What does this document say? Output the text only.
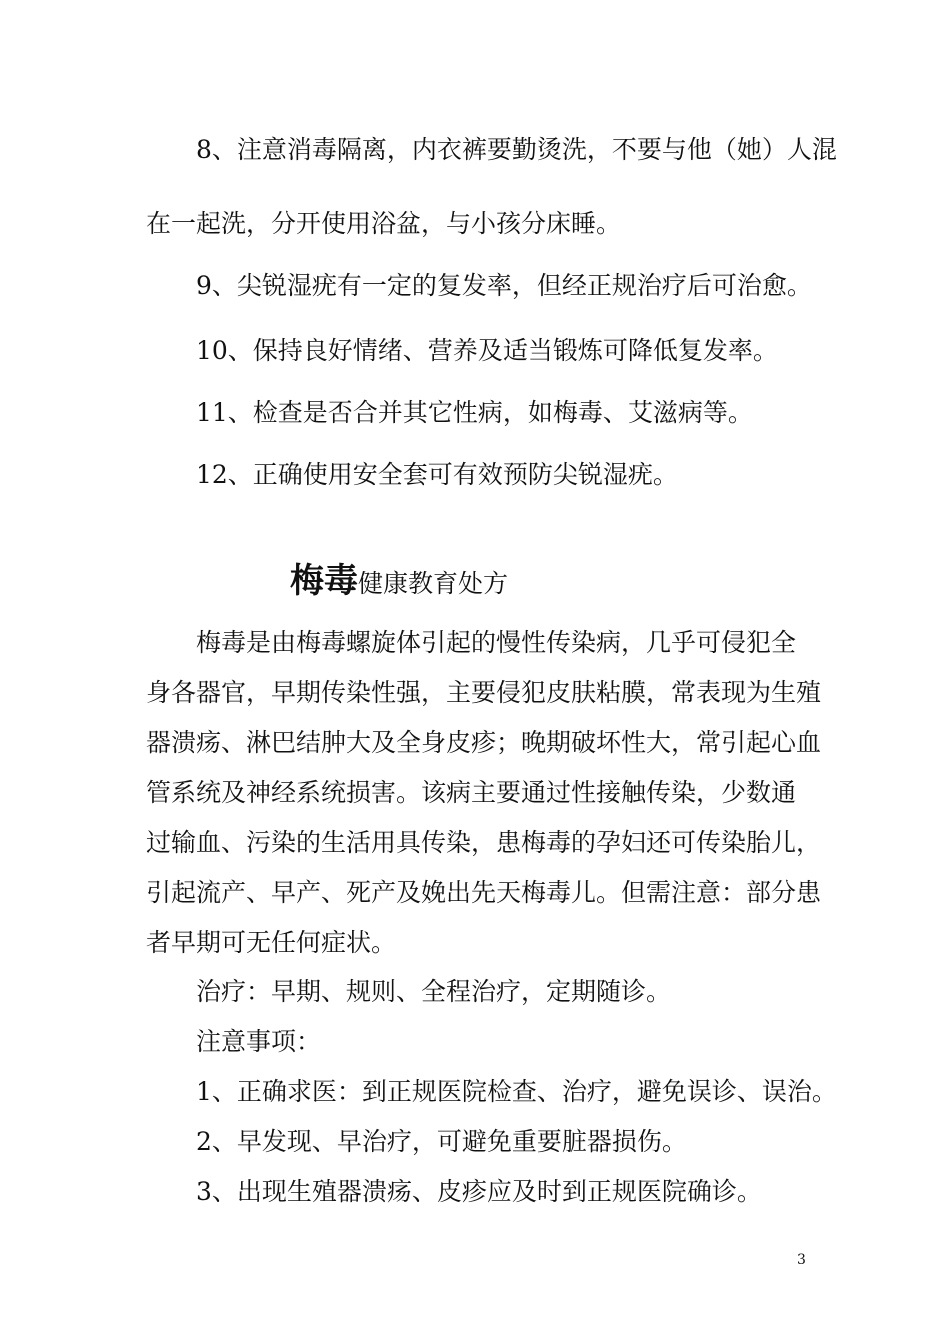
8、注意消毒隔离，内衣裤要勤烫洗，不要与他（她）人混
在一起洗，分开使用浴盆，与小孩分床睡。
9、尖锐湿疣有一定的复发率，但经正规治疗后可治愈。
10、保持良好情绪、营养及适当锻炼可降低复发率。
11、检查是否合并其它性病，如梅毒、艾滋病等。
12、正确使用安全套可有效预防尖锐湿疣。
梅毒健康教育处方
梅毒是由梅毒螺旋体引起的慢性传染病，几乎可侵犯全
身各器官，早期传染性强，主要侵犯皮肤粘膜，常表现为生殖
器溃疡、淋巴结肿大及全身皮疹；晚期破坏性大，常引起心血
管系统及神经系统损害。该病主要通过性接触传染，少数通
过输血、污染的生活用具传染，患梅毒的孕妇还可传染胎儿，
引起流产、早产、死产及娩出先天梅毒儿。但需注意：部分患
者早期可无任何症状。
治疗：早期、规则、全程治疗，定期随诊。
注意事项：
1、正确求医：到正规医院检查、治疗，避免误诊、误治。
2、早发现、早治疗，可避免重要脏器损伤。
3、出现生殖器溃疡、皮疹应及时到正规医院确诊。
3
